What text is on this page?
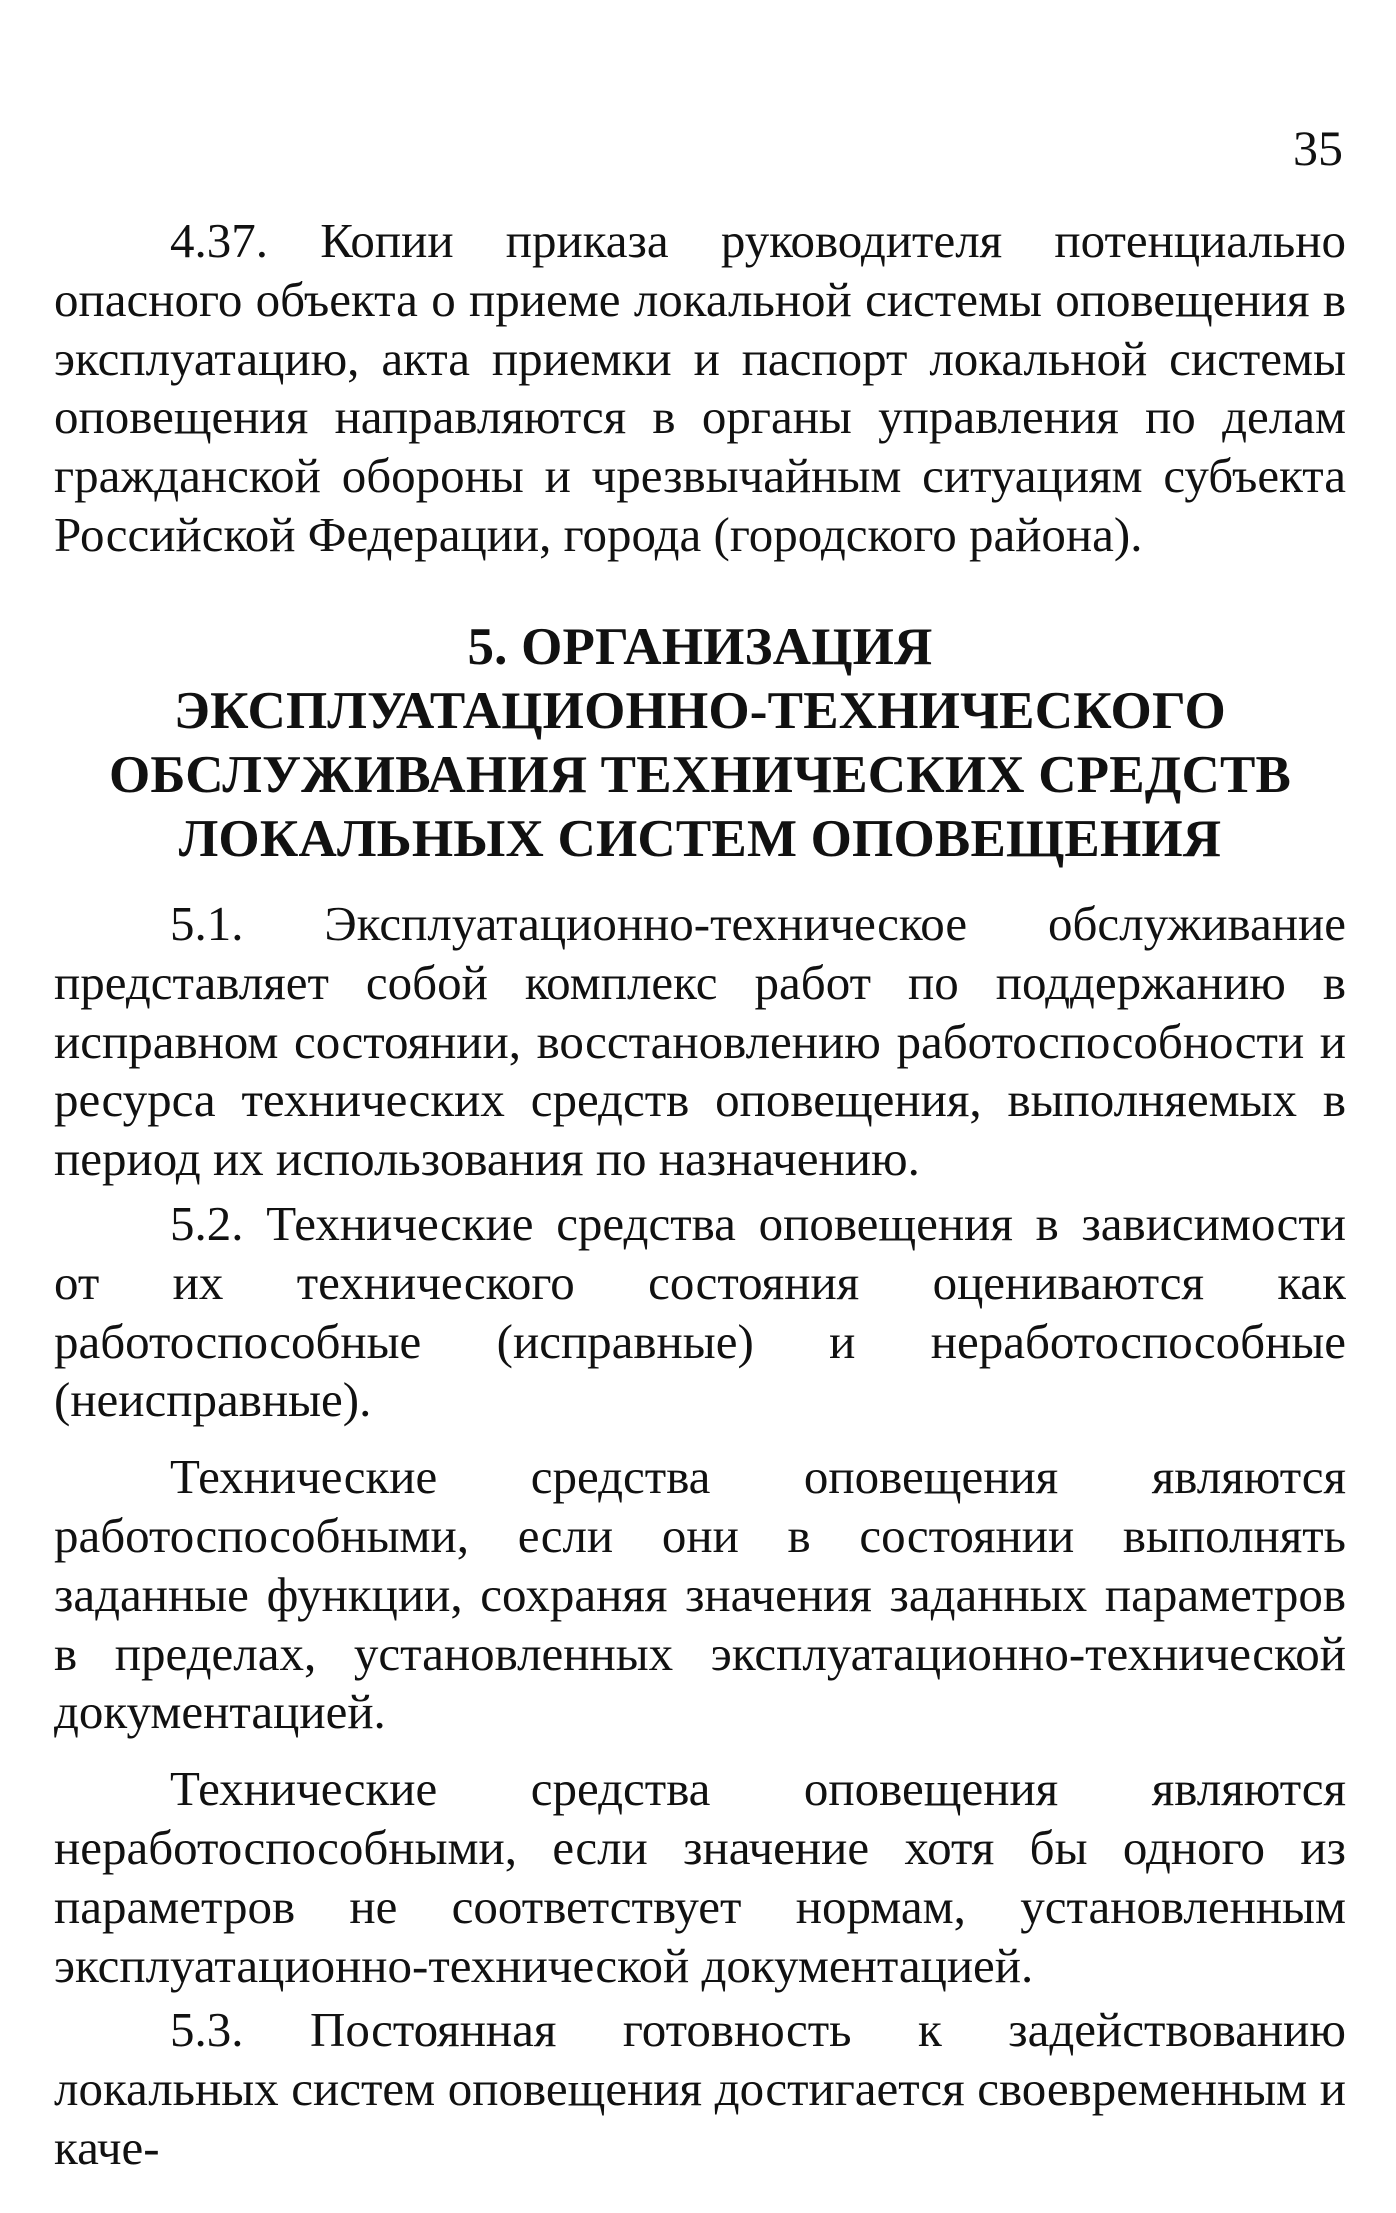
35

4.37. Копии приказа руководителя потенциально опасного объекта о приеме локальной системы оповещения в эксплуатацию, акта приемки и паспорт локальной системы оповещения направляются в органы управления по делам гражданской обороны и чрезвычайным ситуациям субъекта Российской Федерации, города (городского района).

5. ОРГАНИЗАЦИЯ
ЭКСПЛУАТАЦИОННО-ТЕХНИЧЕСКОГО
ОБСЛУЖИВАНИЯ ТЕХНИЧЕСКИХ СРЕДСТВ
ЛОКАЛЬНЫХ СИСТЕМ ОПОВЕЩЕНИЯ

5.1. Эксплуатационно-техническое обслуживание представляет собой комплекс работ по поддержанию в исправном состоянии, восстановлению работоспособности и ресурса технических средств оповещения, выполняемых в период их использования по назначению.

5.2. Технические средства оповещения в зависимости от их технического состояния оцениваются как работоспособные (исправные) и неработоспособные (неисправные).

Технические средства оповещения являются работоспособными, если они в состоянии выполнять заданные функции, сохраняя значения заданных параметров в пределах, установленных эксплуатационно-технической документацией.

Технические средства оповещения являются неработоспособными, если значение хотя бы одного из параметров не соответствует нормам, установленным эксплуатационно-технической документацией.

5.3. Постоянная готовность к задействованию локальных систем оповещения достигается своевременным и каче-
